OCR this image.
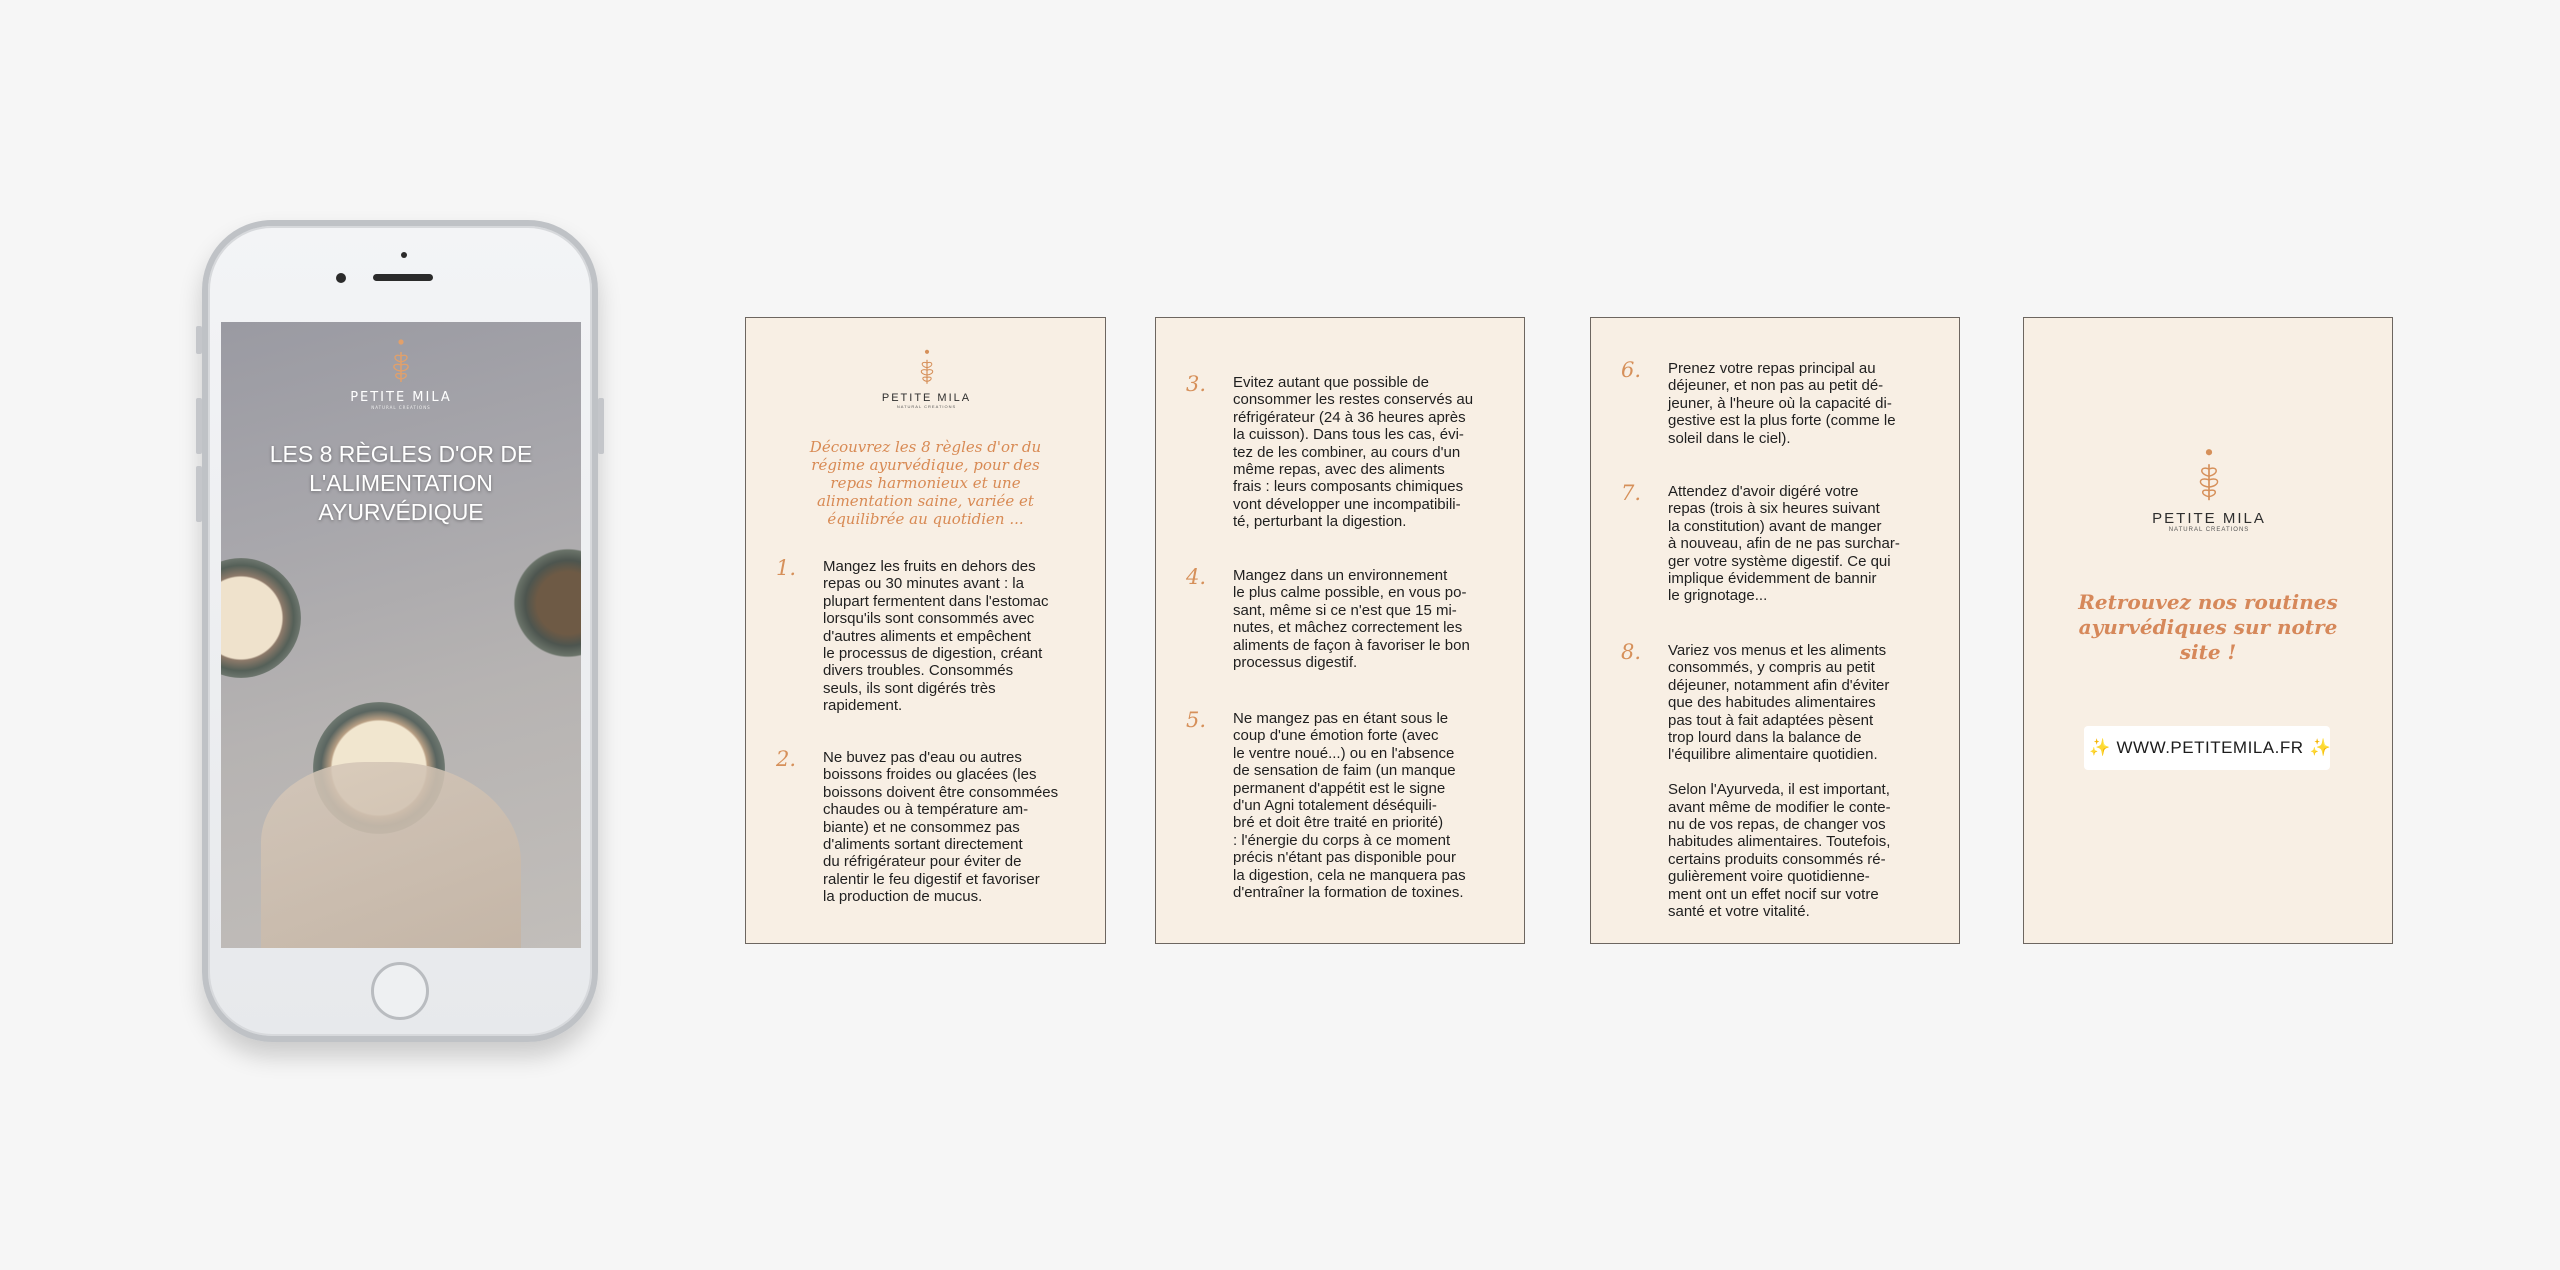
PETITE MILA
NATURAL CREATIONS
LES 8 RÈGLES D'OR DE L'ALIMENTATION AYURVÉDIQUE
PETITE MILA
NATURAL CREATIONS
Découvrez les 8 règles d'or du régime ayurvédique, pour des repas harmonieux et une alimentation saine, variée et équilibrée au quotidien ...
1. Mangez les fruits en dehors des
repas ou 30 minutes avant : la
plupart fermentent dans l'estomac
lorsqu'ils sont consommés avec
d'autres aliments et empêchent
le processus de digestion, créant
divers troubles. Consommés
seuls, ils sont digérés très
rapidement.
2. Ne buvez pas d'eau ou autres
boissons froides ou glacées (les
boissons doivent être consommées
chaudes ou à température am-
biante) et ne consommez pas
d'aliments sortant directement
du réfrigérateur pour éviter de
ralentir le feu digestif et favoriser
la production de mucus.
3. Evitez autant que possible de
consommer les restes conservés au
réfrigérateur (24 à 36 heures après
la cuisson). Dans tous les cas, évi-
tez de les combiner, au cours d'un
même repas, avec des aliments
frais : leurs composants chimiques
vont développer une incompatibili-
té, perturbant la digestion.
4. Mangez dans un environnement
le plus calme possible, en vous po-
sant, même si ce n'est que 15 mi-
nutes, et mâchez correctement les
aliments de façon à favoriser le bon
processus digestif.
5. Ne mangez pas en étant sous le
coup d'une émotion forte (avec
le ventre noué...) ou en l'absence
de sensation de faim (un manque
permanent d'appétit est le signe
d'un Agni totalement déséquili-
bré et doit être traité en priorité)
: l'énergie du corps à ce moment
précis n'étant pas disponible pour
la digestion, cela ne manquera pas
d'entraîner la formation de toxines.
6. Prenez votre repas principal au
déjeuner, et non pas au petit dé-
jeuner, à l'heure où la capacité di-
gestive est la plus forte (comme le
soleil dans le ciel).
7. Attendez d'avoir digéré votre
repas (trois à six heures suivant
la constitution) avant de manger
à nouveau, afin de ne pas surchar-
ger votre système digestif. Ce qui
implique évidemment de bannir
le grignotage...
8. Variez vos menus et les aliments
consommés, y compris au petit
déjeuner, notamment afin d'éviter
que des habitudes alimentaires
pas tout à fait adaptées pèsent
trop lourd dans la balance de
l'équilibre alimentaire quotidien.

Selon l'Ayurveda, il est important,
avant même de modifier le conte-
nu de vos repas, de changer vos
habitudes alimentaires. Toutefois,
certains produits consommés ré-
gulièrement voire quotidienne-
ment ont un effet nocif sur votre
santé et votre vitalité.
PETITE MILA
NATURAL CREATIONS
Retrouvez nos routines ayurvédiques sur notre site !
✨ WWW.PETITEMILA.FR ✨
